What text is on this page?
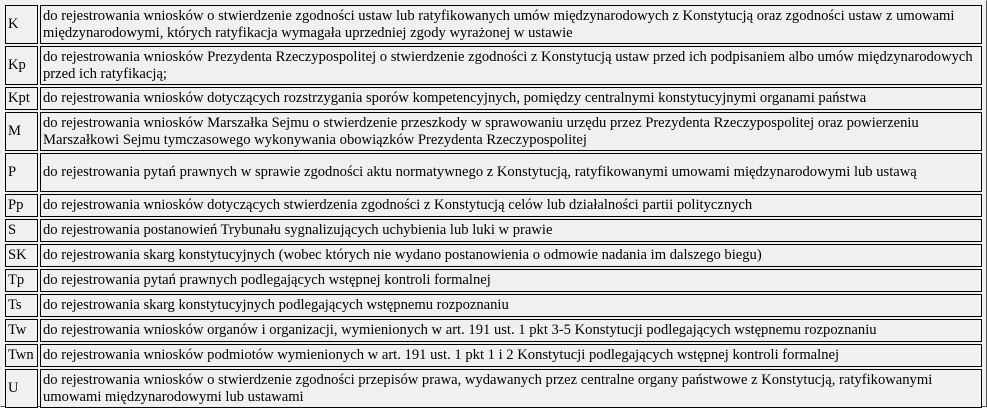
K	do rejestrowania wniosków o stwierdzenie zgodności ustaw lub ratyfikowanych umów międzynarodowych z Konstytucją oraz zgodności ustaw z umowami międzynarodowymi, których ratyfikacja wymagała uprzedniej zgody wyrażonej w ustawie
Kp	do rejestrowania wniosków Prezydenta Rzeczypospolitej o stwierdzenie zgodności z Konstytucją ustaw przed ich podpisaniem albo umów międzynarodowych przed ich ratyfikacją;
Kpt	do rejestrowania wniosków dotyczących rozstrzygania sporów kompetencyjnych, pomiędzy centralnymi konstytucyjnymi organami państwa
M	do rejestrowania wniosków Marszałka Sejmu o stwierdzenie przeszkody w sprawowaniu urzędu przez Prezydenta Rzeczypospolitej oraz powierzeniu Marszałkowi Sejmu tymczasowego wykonywania obowiązków Prezydenta Rzeczypospolitej
P	do rejestrowania pytań prawnych w sprawie zgodności aktu normatywnego z Konstytucją, ratyfikowanymi umowami międzynarodowymi lub ustawą
Pp	do rejestrowania wniosków dotyczących stwierdzenia zgodności z Konstytucją celów lub działalności partii politycznych
S	do rejestrowania postanowień Trybunału sygnalizujących uchybienia lub luki w prawie
SK	do rejestrowania skarg konstytucyjnych (wobec których nie wydano postanowienia o odmowie nadania im dalszego biegu)
Tp	do rejestrowania pytań prawnych podlegających wstępnej kontroli formalnej
Ts	do rejestrowania skarg konstytucyjnych podlegających wstępnemu rozpoznaniu
Tw	do rejestrowania wniosków organów i organizacji, wymienionych w art. 191 ust. 1 pkt 3-5 Konstytucji podlegających wstępnemu rozpoznaniu
Twn	do rejestrowania wniosków podmiotów wymienionych w art. 191 ust. 1 pkt 1 i 2 Konstytucji podlegających wstępnej kontroli formalnej
U	do rejestrowania wniosków o stwierdzenie zgodności przepisów prawa, wydawanych przez centralne organy państwowe z Konstytucją, ratyfikowanymi umowami międzynarodowymi lub ustawami
